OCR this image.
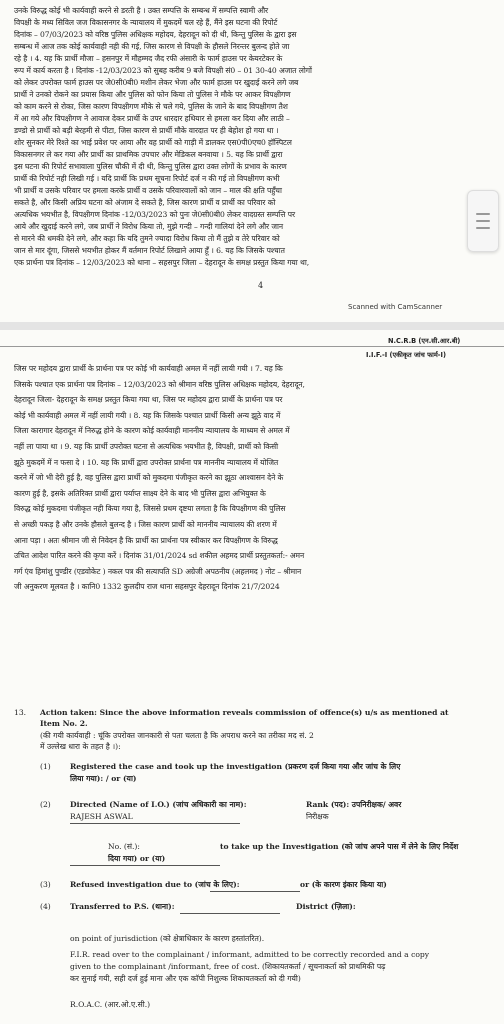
उनके विरुद्ध कोई भी कार्यवाही करने से डरती है । उक्त सम्पत्ति के सम्बन्ध में सम्पत्ति स्वामी और
विपक्षी के मध्य सिविल जज विकासनगर के न्यायालय में मुकदमें चल रहे हैं, मैंने इस घटना की रिपोर्ट
दिनांक – 07/03/2023 को वरिष्ठ पुलिस अधिक्षक महोदय, देहरादून को दी थी, किन्तु पुलिस के द्वारा इस
सम्बन्ध में आज तक कोई कार्यवाही नही की गई, जिस कारण से विपक्षी के हौसले निरन्तर बुलन्द होते जा
रहे है । 4. यह कि प्रार्थी मौजा – हसनपुर में मौहम्मद जैद रफी अंसारी के फार्म हाउस पर केयरटेकर के
रूप में कार्य करता है । दिनांक -12/03/2023 को सुबह करीब 9 बजे विपक्षी सं0 – 01 30-40 अजात लोगों
को लेकर उपरोक्त फार्म हाउस पर जे0सी0बी0 मशीन लेकर भेजा और फार्म हाउस पर खुदाई करने लगे जब
प्रार्थी ने उनको रोकने का प्रयास किया और पुलिस को फोन किया तो पुलिस ने मौके पर आकर विपक्षीगण
को काम करने से रोका, जिस कारण विपक्षीगण मौके से चले गये, पुलिस के जाने के बाद विपक्षीगण तैश
में आ गये और विपक्षीगण ने आवाज देकर प्रार्थी के उपर धारदार हथियार से हमला कर दिया और लाठी –
डण्डो से प्रार्थी को बड़ी बेरहमी से पीटा, जिस कारण से प्रार्थी मौके वारदात पर ही बेहोश हो गया था ।
शोर सुनकर मेरे रिश्ते का भाई प्रवेश पर आया और वह प्रार्थी को गाड़ी में डालकर एस0पी0एच0 हॉस्पिटल
विकासनगर ले कर गया और प्रार्थी का प्राथमिक उपचार और मेडिकल बनवाया । 5. यह कि प्रार्थी द्वारा
इस घटना की रिपोर्ट सभावाला पुलिस चौकी में दी थी, किन्तु पुलिस द्वारा उक्त लोगों के प्रभाव के कारण
प्रार्थी की रिपोर्ट नही लिखी गई । यदि प्रार्थी कि प्रथम सूचना रिपोर्ट दर्ज न की गई तो विपक्षीगण कभी
भी प्रार्थी व उसके परिवार पर हमला करके प्रार्थी व उसके परिवारवालों को जान – माल की क्षति पहुँचा
सकते है, और किसी अप्रिय घटना को अंजाम दे सकते है, जिस कारण प्रार्थी व प्रार्थी का परिवार को
अत्यधिक भयभीत है, विपक्षीगण दिनांक -12/03/2023 को पुनः जे0सी0बी0 लेकर वादग्रस्त सम्पत्ति पर
आये और खुदाई करने लगे, जब प्रार्थी ने विरोध किया तो, मुझे गन्दी – गन्दी गालियां देने लगे और जान
से मारने की धमकी देने लगे, और कहा कि यदि तुमने ज्यादा विरोध किया तो मैं तुझे व तेरे परिवार को
जान से मार दूंगा, जिससे भयभीत होकर मैं वर्तमान रिपोर्ट लिखाने आया हूँ । 6. यह कि जिसके पश्चात
एक प्रार्थना पत्र दिनांक – 12/03/2023 को थाना – सहसपुर जिला – देहरादून के समक्ष प्रस्तुत किया गया था,
4
Scanned with CamScanner
N.C.R.B (एन.सी.आर.बी)
I.I.F.-I (एकीकृत जांच फार्म-I)
जिस पर महोदय द्वारा प्रार्थी के प्रार्थना पत्र पर कोई भी कार्यवाही अमल में नहीं लायी गयी । 7. यह कि
जिसके पश्चात एक प्रार्थना पत्र दिनांक – 12/03/2023 को श्रीमान वरिष्ठ पुलिस अधिक्षक महोदय, देहरादून,
देहरादून जिला- देहरादून के समक्ष प्रस्तुत किया गया था, जिस पर महोदय द्वारा प्रार्थी के प्रार्थना पत्र पर
कोई भी कार्यवाही अमल में नहीं लायी गयी । 8. यह कि जिसके पश्चात प्रार्थी किसी अन्य झूठे वाद में
जिला कारागार देहरादून में निरुद्ध होने के कारण कोई कार्यवाही माननीय न्यायालय के माध्यम से अमल में
नहीं ला पाया था । 9. यह कि प्रार्थी उपरोक्त घटना से अत्यधिक भयभीत है, विपक्षी, प्रार्थी को किसी
झूठे मुकदमें में न फसा दे । 10. यह कि प्रार्थी द्वारा उपरोक्त प्रार्थना पत्र माननीय न्यायालय में योजित
करने में जो भी देरी हुई है, वह पुलिस द्वारा प्रार्थी को मुकदमा पंजीकृत करने का झूठा आश्वासन देने के
कारण हुई है, इसके अतिरिक्त प्रार्थी द्वारा पर्याप्त साक्ष्य देने के बाद भी पुलिस द्वारा अभियुक्त के
विरुद्ध कोई मुकदमा पंजीकृत नही किया गया है, जिससे प्रथम दृष्टया लगता है कि विपक्षीगण की पुलिस
से अच्छी पकड़ है और उनके हौसले बुलन्द है । जिस कारण प्रार्थी को माननीय न्यायालय की शरण में
आना पड़ा । अतः श्रीमान जी से निवेदन है कि प्रार्थी का प्रार्थना पत्र स्वीकार कर विपक्षीगण के विरुद्ध
उचित आदेश पारित करने की कृपा करें । दिनांक 31/01/2024 sd शकील अहमद प्रार्थी प्रस्तुतकर्ता:- अमन
गर्ग एंव हिमांशु पुण्डीर (एडवोकेट ) नकल पत्र की सत्यापति SD अग्रेजी अपठनीय (अहलमद ) नोट – श्रीमान
जी अनुकरण मूलवत है । कानि0 1332 कुलदीप राज थाना सहसपुर देहरादून दिनांक 21/7/2024
13. Action taken: Since the above information reveals commission of offence(s) u/s as mentioned at
Item No. 2.
(की गयी कार्यवाही : चूंकि उपरोक्त जानकारी से पता चलता है कि अपराध करने का तरीका मद सं. 2
में उल्लेख धारा के तहत है ।):
(1)	Registered the case and took up the investigation (प्रकरण दर्ज किया गया और जांच के लिए
लिया गया): / or (या)
(2)	Directed (Name of I.O.) (जांच अधिकारी का नाम):
RAJESH ASWAL
Rank (पद): उपनिरीक्षक/ अवर
निरीक्षक
No. (सं.):	to take up the Investigation (को जांच अपने पास में लेने के लिए निर्देश
दिया गया) or (या)
(3)	Refused investigation due to (जांच के लिए):	or (के कारण इंकार किया या)
(4)	Transferred to P.S. (थाना):	District (ज़िला):
on point of jurisdiction (को क्षेत्राधिकार के कारण हस्तांतरित).
F.I.R. read over to the complainant / informant, admitted to be correctly recorded and a copy
given to the complainant /informant, free of cost. (शिकायतकर्ता / सूचनाकर्ता को प्राथमिकी पढ़
कर सुनाई गयी, सही दर्ज हुई माना और एक कॉपी निशुल्क शिकायतकर्ता को दी गयी)
R.O.A.C. (आर.ओ.ए.सी.)
